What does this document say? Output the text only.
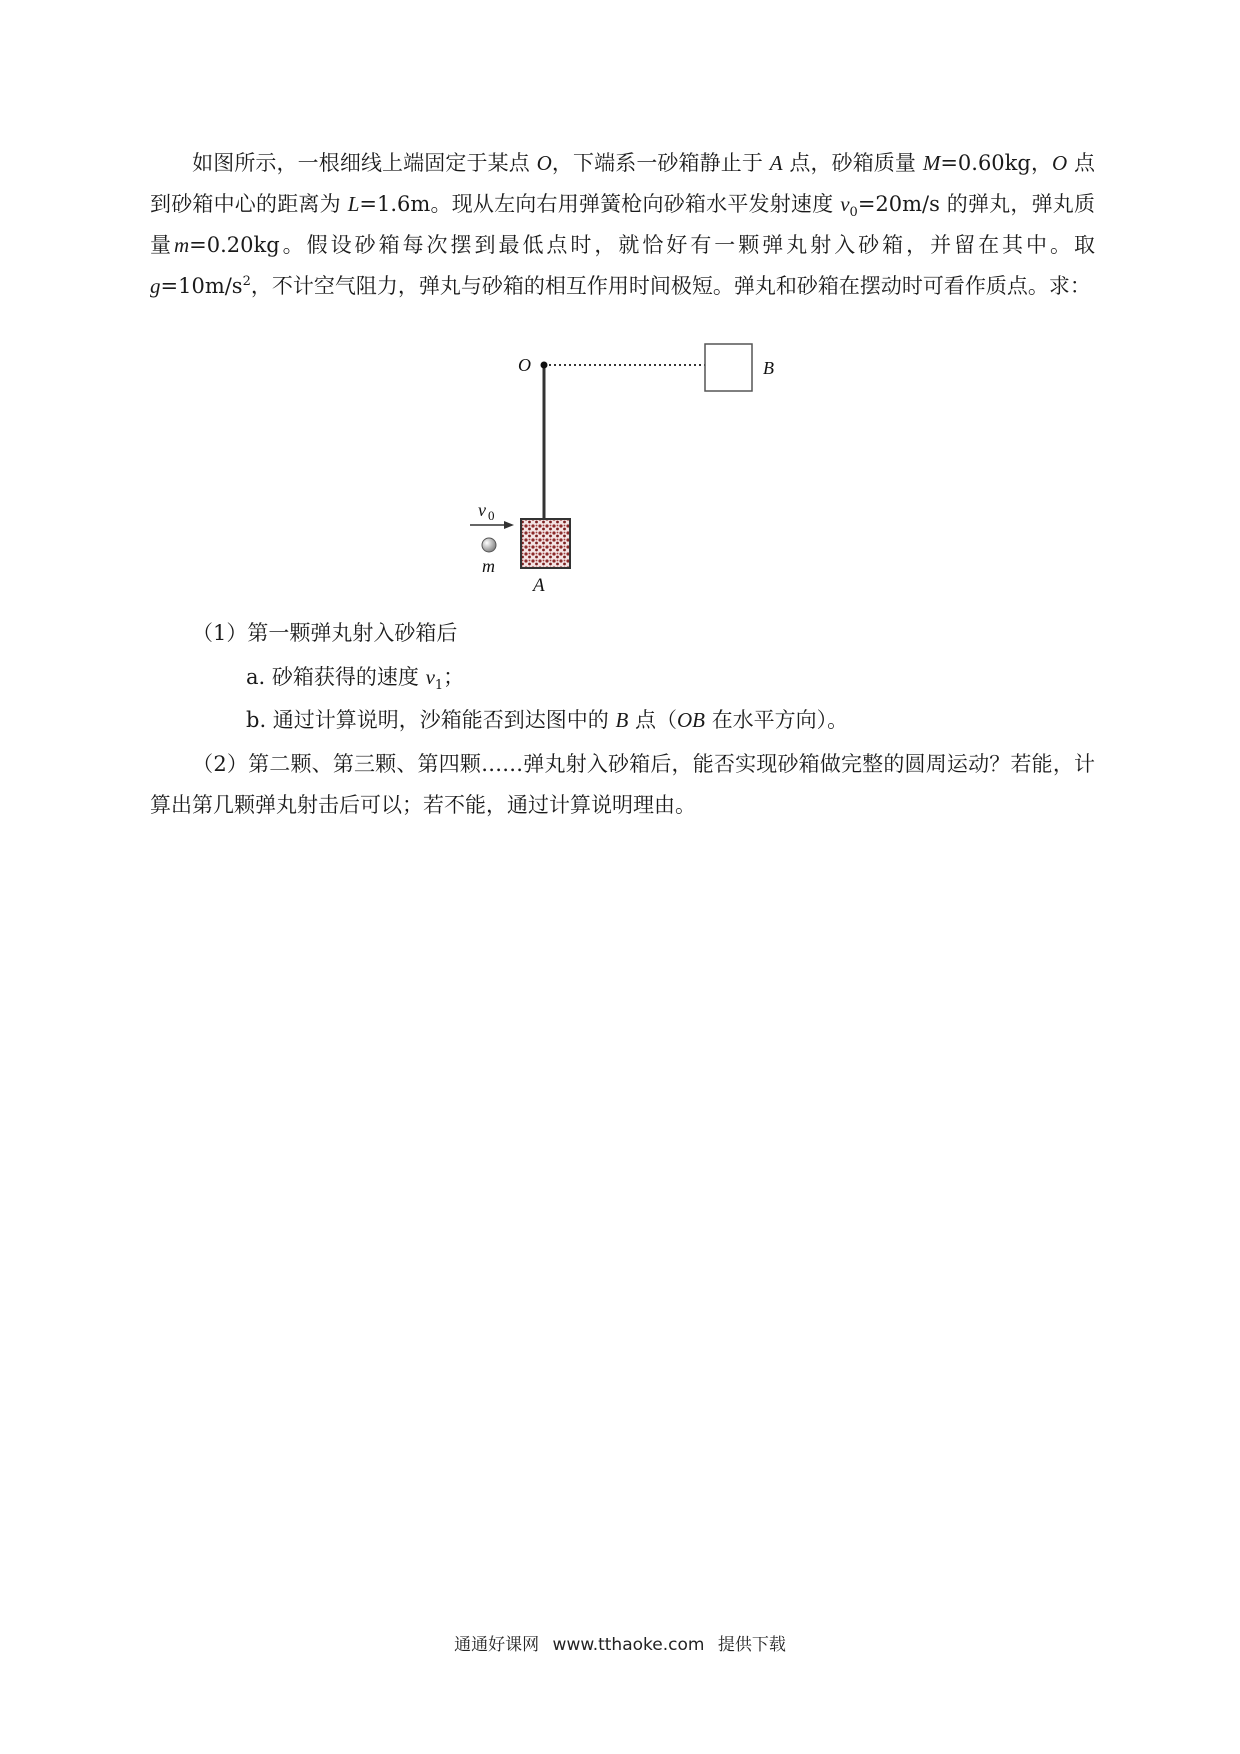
如图所示，一根细线上端固定于某点 O，下端系一砂箱静止于 A 点，砂箱质量 M=0.60kg，O 点到砂箱中心的距离为 L=1.6m。现从左向右用弹簧枪向砂箱水平发射速度 $v_0=20m/s$ 的弹丸，弹丸质量m=0.20kg。假设砂箱每次摆到最低点时，就恰好有一颗弹丸射入砂箱，并留在其中。取 $g=10m/s^2$，不计空气阻力，弹丸与砂箱的相互作用时间极短。弹丸和砂箱在摆动时可看作质点。求：
O	B
A
v 0
m
（1）第一颗弹丸射入砂箱后
a. 砂箱获得的速度 $v_1$；
b. 通过计算说明，沙箱能否到达图中的 B 点（OB 在水平方向）。
（2）第二颗、第三颗、第四颗……弹丸射入砂箱后，能否实现砂箱做完整的圆周运动？若能，计算出第几颗弹丸射击后可以；若不能，通过计算说明理由。
通通好课网 www.tthaoke.com 提供下载
